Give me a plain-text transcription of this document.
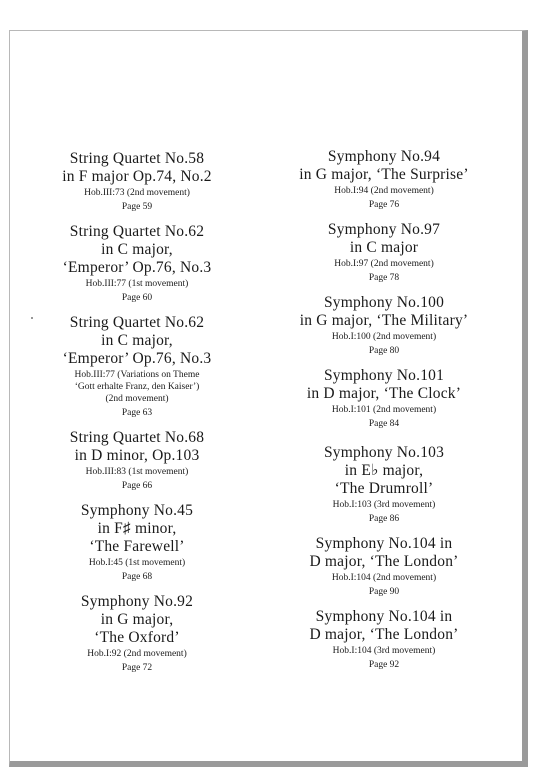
String Quartet No.58
in F major Op.74, No.2
Hob.III:73 (2nd movement)
Page 59
String Quartet No.62
in C major,
‘Emperor’ Op.76, No.3
Hob.III:77 (1st movement)
Page 60
String Quartet No.62
in C major,
‘Emperor’ Op.76, No.3
Hob.III:77 (Variations on Theme
‘Gott erhalte Franz, den Kaiser’)
(2nd movement)
Page 63
String Quartet No.68
in D minor, Op.103
Hob.III:83 (1st movement)
Page 66
Symphony No.45
in F♯ minor,
‘The Farewell’
Hob.I:45 (1st movement)
Page 68
Symphony No.92
in G major,
‘The Oxford’
Hob.I:92 (2nd movement)
Page 72
Symphony No.94
in G major, ‘The Surprise’
Hob.I:94 (2nd movement)
Page 76
Symphony No.97
in C major
Hob.I:97 (2nd movement)
Page 78
Symphony No.100
in G major, ‘The Military’
Hob.I:100 (2nd movement)
Page 80
Symphony No.101
in D major, ‘The Clock’
Hob.I:101 (2nd movement)
Page 84
Symphony No.103
in E♭ major,
‘The Drumroll’
Hob.I:103 (3rd movement)
Page 86
Symphony No.104 in
D major, ‘The London’
Hob.I:104 (2nd movement)
Page 90
Symphony No.104 in
D major, ‘The London’
Hob.I:104 (3rd movement)
Page 92
